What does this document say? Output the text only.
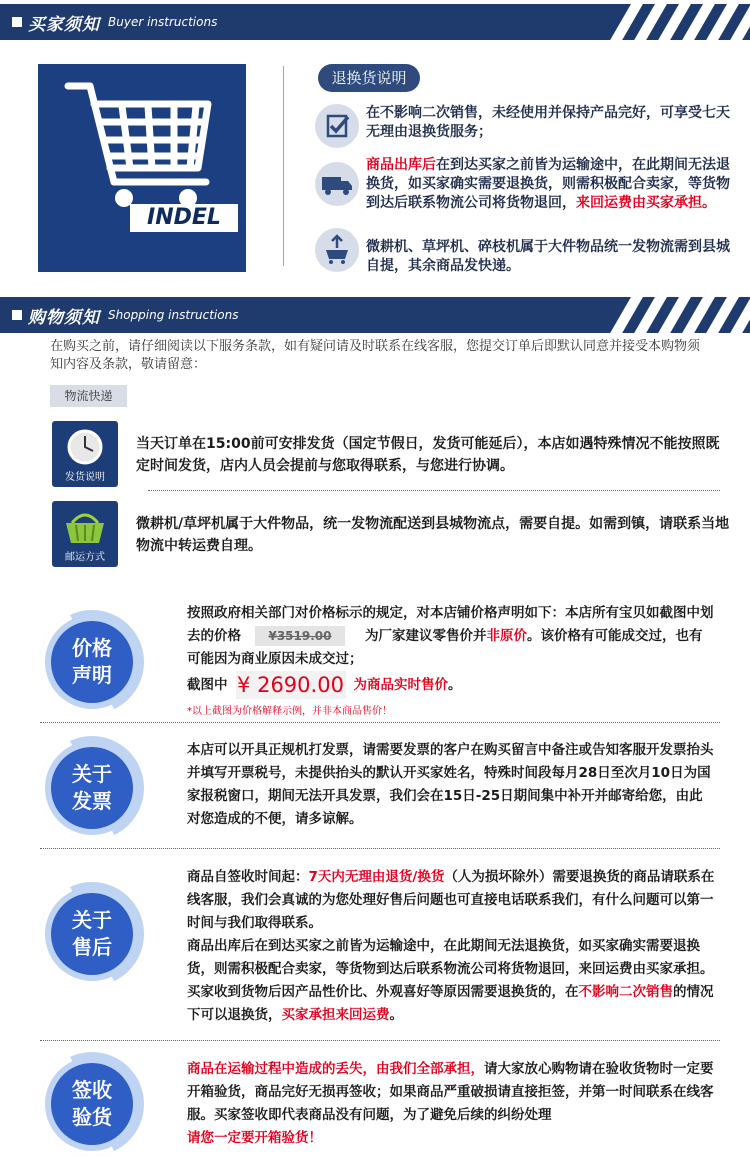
买家须知 Buyer instructions
INDEL
退换货说明
在不影响二次销售，未经使用并保持产品完好，可享受七天无理由退换货服务；
商品出库后在到达买家之前皆为运输途中，在此期间无法退换货，如买家确实需要退换货，则需积极配合卖家，等货物到达后联系物流公司将货物退回，来回运费由买家承担。
微耕机、草坪机、碎枝机属于大件物品统一发物流需到县城自提，其余商品发快递。
购物须知 Shopping instructions
在购买之前，请仔细阅读以下服务条款，如有疑问请及时联系在线客服，您提交订单后即默认同意并接受本购物须知内容及条款，敬请留意：
物流快递
发货说明
当天订单在15:00前可安排发货（国定节假日，发货可能延后），本店如遇特殊情况不能按照既定时间发货，店内人员会提前与您取得联系，与您进行协调。
邮运方式
微耕机/草坪机属于大件物品，统一发物流配送到县城物流点，需要自提。如需到镇，请联系当地物流中转运费自理。
价格
声明
按照政府相关部门对价格标示的规定，对本店铺价格声明如下：本店所有宝贝如截图中划去的价格 ¥3519.00 为厂家建议零售价并非原价。该价格有可能成交过，也有可能因为商业原因未成交过；
截图中 ¥ 2690.00 为商品实时售价。
*以上截图为价格解释示例，并非本商品售价！
关于
发票
本店可以开具正规机打发票，请需要发票的客户在购买留言中备注或告知客服开发票抬头并填写开票税号，未提供抬头的默认开买家姓名，特殊时间段每月28日至次月10日为国家报税窗口，期间无法开具发票，我们会在15日-25日期间集中补开并邮寄给您，由此对您造成的不便，请多谅解。
关于
售后
商品自签收时间起：7天内无理由退货/换货（人为损坏除外）需要退换货的商品请联系在线客服，我们会真诚的为您处理好售后问题也可直接电话联系我们，有什么问题可以第一时间与我们取得联系。
商品出库后在到达买家之前皆为运输途中，在此期间无法退换货，如买家确实需要退换货，则需积极配合卖家，等货物到达后联系物流公司将货物退回，来回运费由买家承担。买家收到货物后因产品性价比、外观喜好等原因需要退换货的，在不影响二次销售的情况下可以退换货，买家承担来回运费。
签收
验货
商品在运输过程中造成的丢失，由我们全部承担，请大家放心购物请在验收货物时一定要开箱验货，商品完好无损再签收；如果商品严重破损请直接拒签，并第一时间联系在线客服。买家签收即代表商品没有问题，为了避免后续的纠纷处理
请您一定要开箱验货！
